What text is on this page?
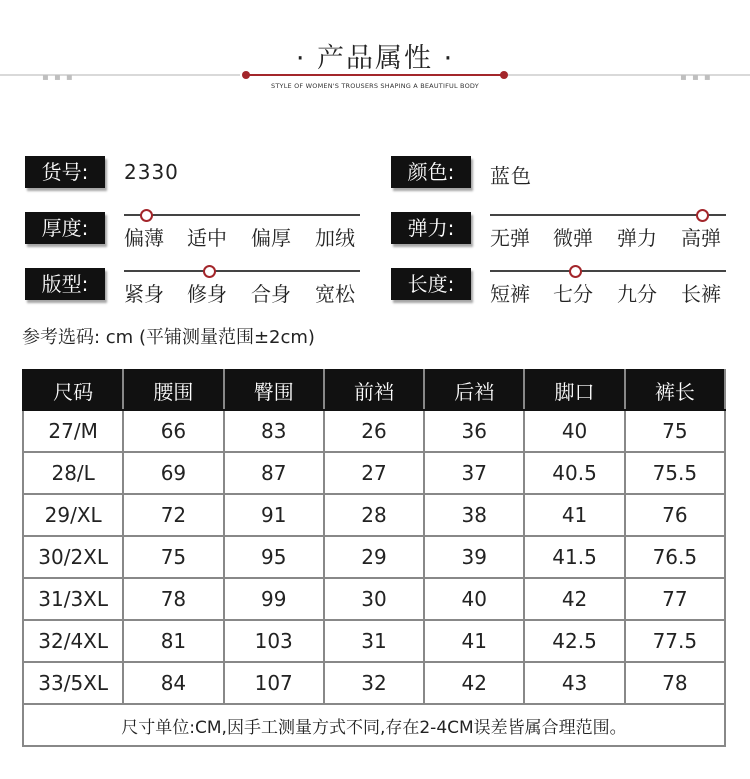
▪ ▪ ▪	▪ ▪ ▪
· 产品属性 ·
STYLE OF WOMEN'S TROUSERS SHAPING A BEAUTIFUL BODY
货号:	2330	颜色:	蓝色
厚度:	偏薄 适中 偏厚 加绒	弹力:	无弹 微弹 弹力 高弹
版型:	紧身 修身 合身 宽松	长度:	短裤 七分 九分 长裤
参考选码: cm (平铺测量范围±2cm)
尺码	腰围	臀围	前裆	后裆	脚口	裤长
27/M	66	83	26	36	40	75
28/L	69	87	27	37	40.5	75.5
29/XL	72	91	28	38	41	76
30/2XL	75	95	29	39	41.5	76.5
31/3XL	78	99	30	40	42	77
32/4XL	81	103	31	41	42.5	77.5
33/5XL	84	107	32	42	43	78
尺寸单位:CM,因手工测量方式不同,存在2-4CM误差皆属合理范围。						
